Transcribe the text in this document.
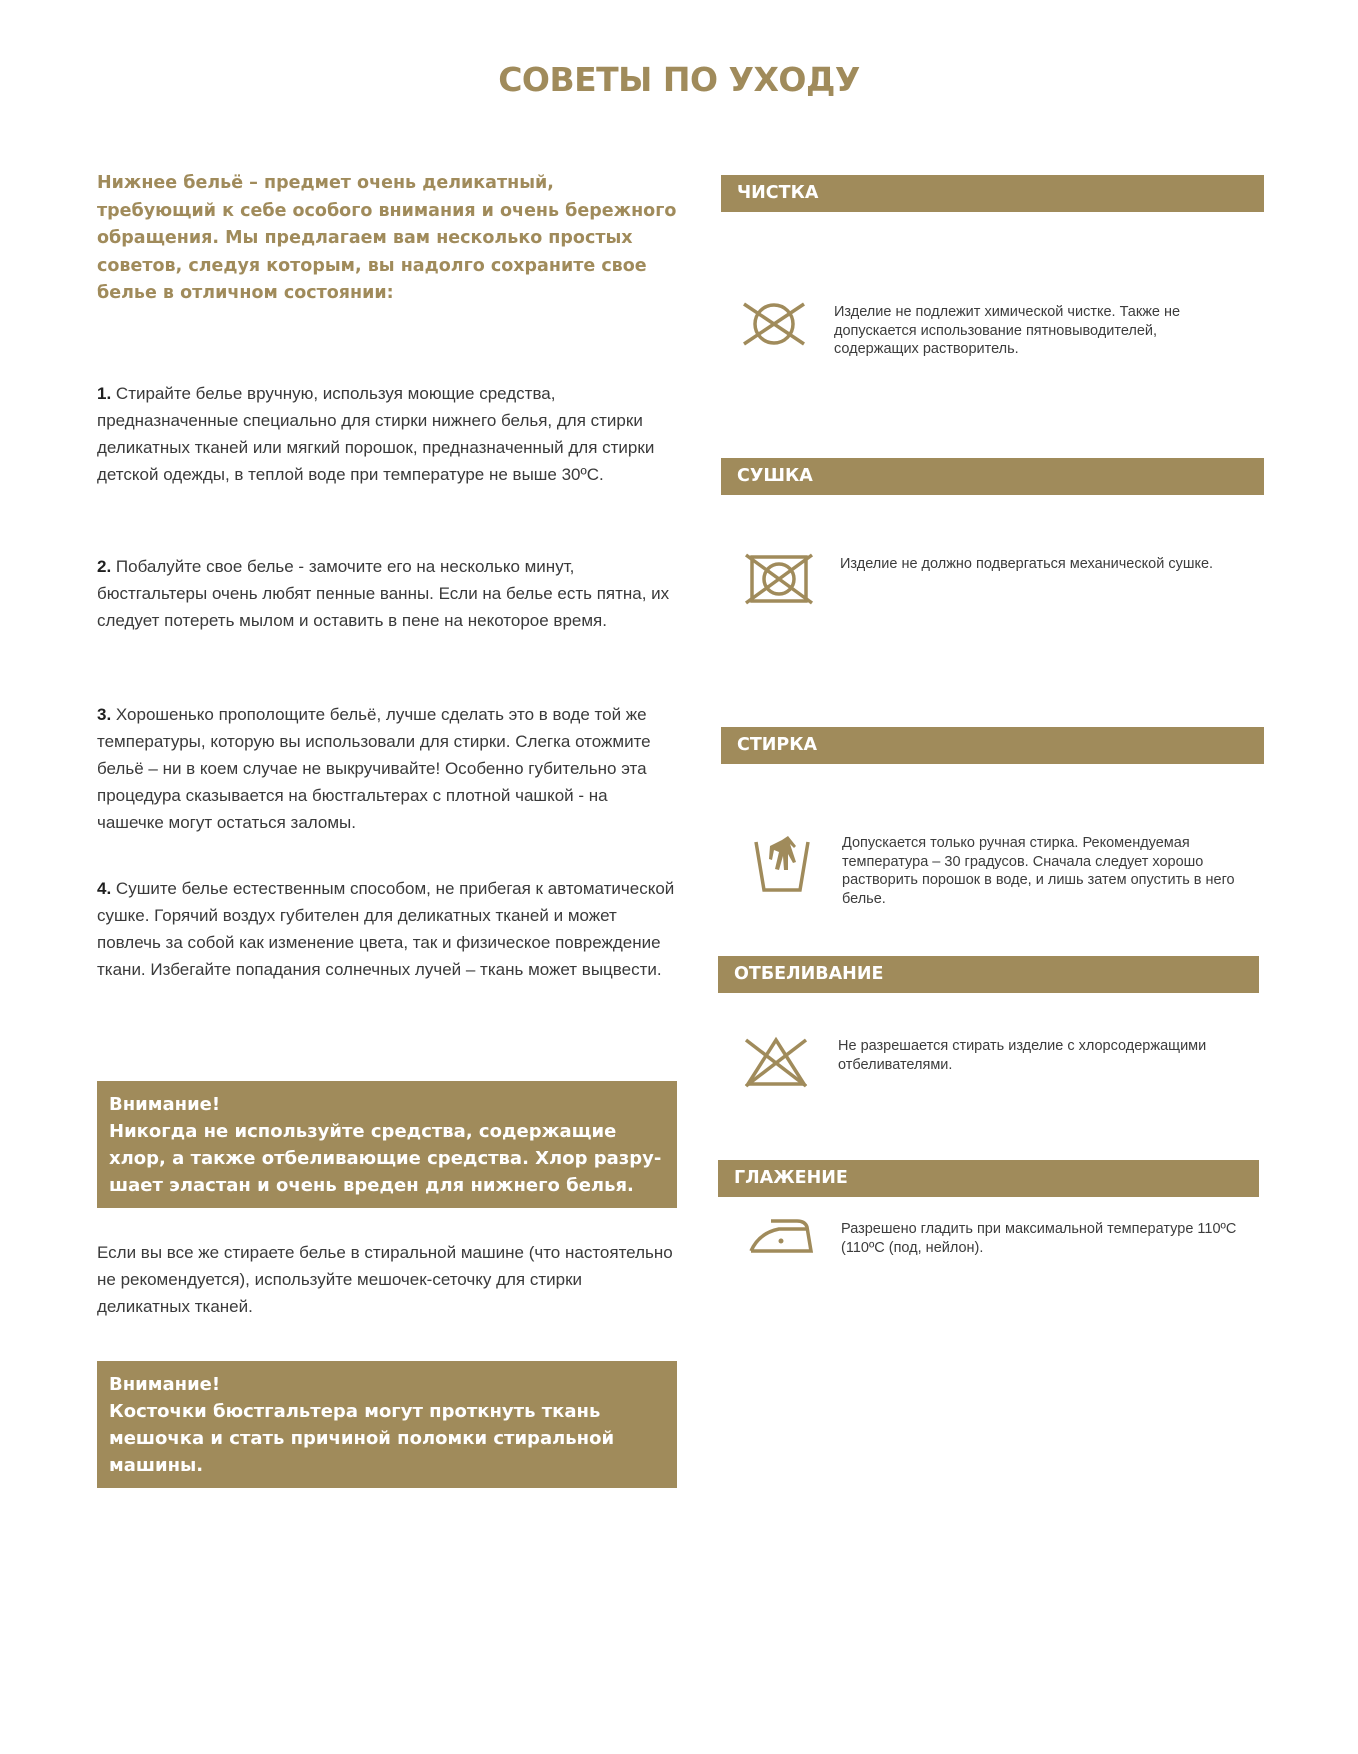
СОВЕТЫ ПО УХОДУ

Нижнее бельё – предмет очень деликатный, требующий к себе особого внимания и очень бережного обращения. Мы предлагаем вам несколько простых советов, следуя которым, вы надолго сохраните свое белье в отличном состоянии:

1. Стирайте белье вручную, используя моющие средства, предназначенные специально для стирки нижнего белья, для стирки деликатных тканей или мягкий порошок, предназначенный для стирки детской одежды, в теплой воде при температуре не выше 30ºС.

2. Побалуйте свое белье - замочите его на несколько минут, бюстгальтеры очень любят пенные ванны. Если на белье есть пятна, их следует потереть мылом и оставить в пене на некоторое время.

3. Хорошенько прополощите бельё, лучше сделать это в воде той же температуры, которую вы использовали для стирки. Слегка отожмите бельё – ни в коем случае не выкручивайте! Особенно губительно эта процедура сказывается на бюстгальтерах с плотной чашкой - на чашечке могут остаться заломы.

4. Сушите белье естественным способом, не прибегая к автоматической сушке. Горячий воздух губителен для деликатных тканей и может повлечь за собой как изменение цвета, так и физическое повреждение ткани. Избегайте попадания солнечных лучей – ткань может выцвести.

Внимание!
Никогда не используйте средства, содержащие хлор, а также отбеливающие средства. Хлор разру-шает эластан и очень вреден для нижнего белья.

Если вы все же стираете белье в стиральной машине (что настоятельно не рекомендуется), используйте мешочек-сеточку для стирки деликатных тканей.

Внимание!
Косточки бюстгальтера могут проткнуть ткань мешочка и стать причиной поломки стиральной машины.
ЧИСТКА
Изделие не подлежит химической чистке. Также не допускается использование пятновыводителей, содержащих растворитель.
СУШКА
Изделие не должно подвергаться механической сушке.
СТИРКА
Допускается только ручная стирка. Рекомендуемая температура – 30 градусов. Сначала следует хорошо растворить порошок в воде, и лишь затем опустить в него белье.
ОТБЕЛИВАНИЕ
Не разрешается стирать изделие с хлорсодержащими отбеливателями.
ГЛАЖЕНИЕ
Разрешено гладить при максимальной температуре 110ºС (110ºС (под, нейлон).
